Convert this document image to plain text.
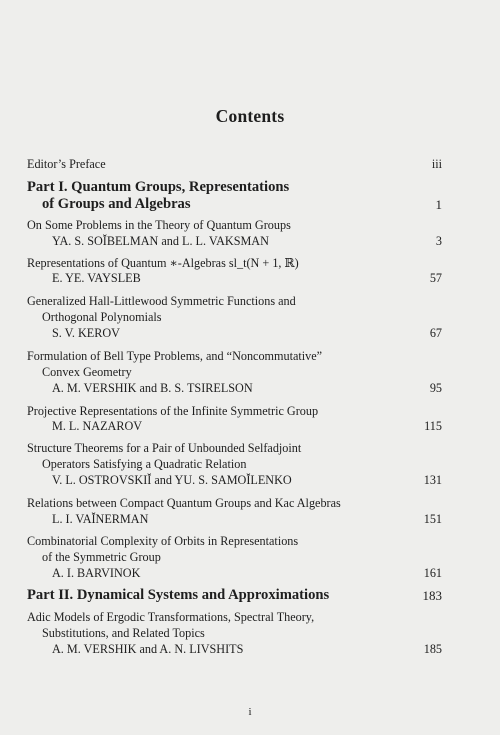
Contents
Editor’s Preface	iii
Part I. Quantum Groups, Representations
of Groups and Algebras	1
On Some Problems in the Theory of Quantum Groups
YA. S. SOĬBELMAN and L. L. VAKSMAN	3
Representations of Quantum ∗-Algebras sl_t(N + 1, ℝ)
E. YE. VAYSLEB	57
Generalized Hall-Littlewood Symmetric Functions and
Orthogonal Polynomials
S. V. KEROV	67
Formulation of Bell Type Problems, and “Noncommutative”
Convex Geometry
A. M. VERSHIK and B. S. TSIRELSON	95
Projective Representations of the Infinite Symmetric Group
M. L. NAZAROV	115
Structure Theorems for a Pair of Unbounded Selfadjoint
Operators Satisfying a Quadratic Relation
V. L. OSTROVSKIĬ and YU. S. SAMOĬLENKO	131
Relations between Compact Quantum Groups and Kac Algebras
L. I. VAĬNERMAN	151
Combinatorial Complexity of Orbits in Representations
of the Symmetric Group
A. I. BARVINOK	161
Part II. Dynamical Systems and Approximations	183
Adic Models of Ergodic Transformations, Spectral Theory,
Substitutions, and Related Topics
A. M. VERSHIK and A. N. LIVSHITS	185
i
